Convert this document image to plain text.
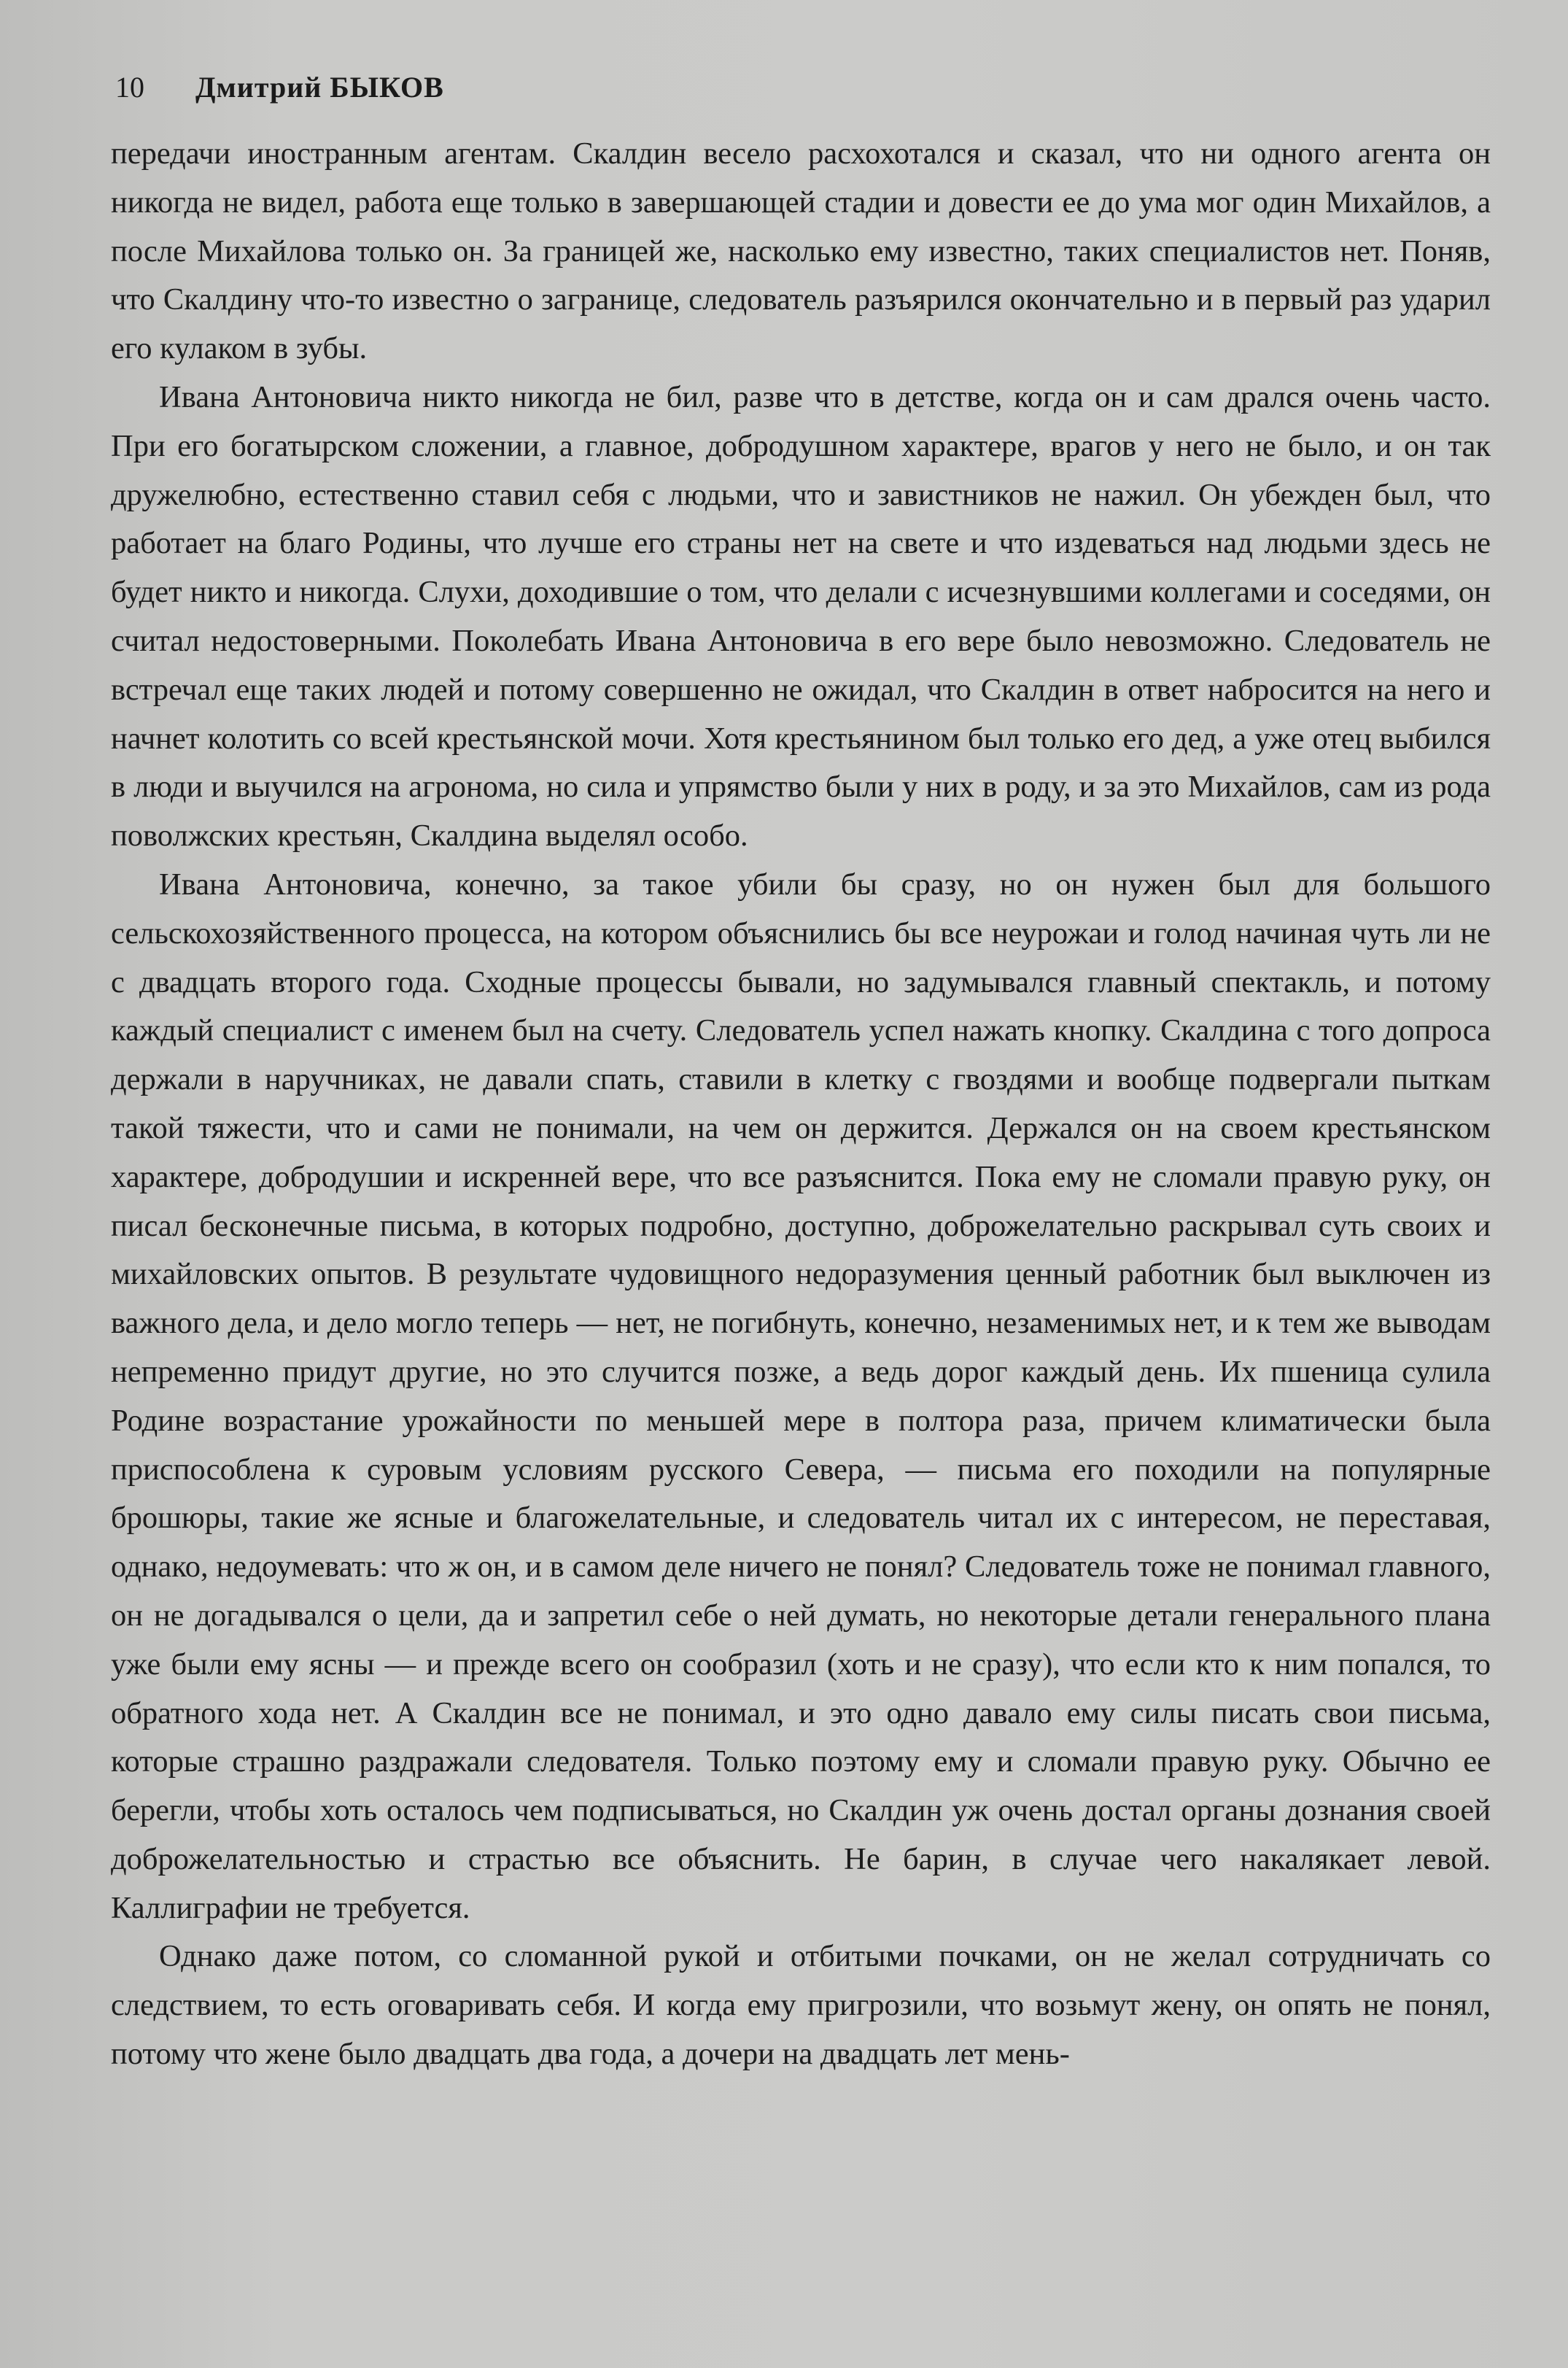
10 Дмитрий БЫКОВ

передачи иностранным агентам. Скалдин весело расхохотался и сказал, что ни одного агента он никогда не видел, работа еще только в завершающей стадии и довести ее до ума мог один Михайлов, а после Михайлова только он. За границей же, насколько ему известно, таких специалистов нет. Поняв, что Скалдину что-то известно о загранице, следователь разъярился окончательно и в первый раз ударил его кулаком в зубы.

Ивана Антоновича никто никогда не бил, разве что в детстве, когда он и сам дрался очень часто. При его богатырском сложении, а главное, добродушном характере, врагов у него не было, и он так дружелюбно, естественно ставил себя с людьми, что и завистников не нажил. Он убежден был, что работает на благо Родины, что лучше его страны нет на свете и что издеваться над людьми здесь не будет никто и никогда. Слухи, доходившие о том, что делали с исчезнувшими коллегами и соседями, он считал недостоверными. Поколебать Ивана Антоновича в его вере было невозможно. Следователь не встречал еще таких людей и потому совершенно не ожидал, что Скалдин в ответ набросится на него и начнет колотить со всей крестьянской мочи. Хотя крестьянином был только его дед, а уже отец выбился в люди и выучился на агронома, но сила и упрямство были у них в роду, и за это Михайлов, сам из рода поволжских крестьян, Скалдина выделял особо.

Ивана Антоновича, конечно, за такое убили бы сразу, но он нужен был для большого сельскохозяйственного процесса, на котором объяснились бы все неурожаи и голод начиная чуть ли не с двадцать второго года. Сходные процессы бывали, но задумывался главный спектакль, и потому каждый специалист с именем был на счету. Следователь успел нажать кнопку. Скалдина с того допроса держали в наручниках, не давали спать, ставили в клетку с гвоздями и вообще подвергали пыткам такой тяжести, что и сами не понимали, на чем он держится. Держался он на своем крестьянском характере, добродушии и искренней вере, что все разъяснится. Пока ему не сломали правую руку, он писал бесконечные письма, в которых подробно, доступно, доброжелательно раскрывал суть своих и михайловских опытов. В результате чудовищного недоразумения ценный работник был выключен из важного дела, и дело могло теперь — нет, не погибнуть, конечно, незаменимых нет, и к тем же выводам непременно придут другие, но это случится позже, а ведь дорог каждый день. Их пшеница сулила Родине возрастание урожайности по меньшей мере в полтора раза, причем климатически была приспособлена к суровым условиям русского Севера, — письма его походили на популярные брошюры, такие же ясные и благожелательные, и следователь читал их с интересом, не переставая, однако, недоумевать: что ж он, и в самом деле ничего не понял? Следователь тоже не понимал главного, он не догадывался о цели, да и запретил себе о ней думать, но некоторые детали генерального плана уже были ему ясны — и прежде всего он сообразил (хоть и не сразу), что если кто к ним попался, то обратного хода нет. А Скалдин все не понимал, и это одно давало ему силы писать свои письма, которые страшно раздражали следователя. Только поэтому ему и сломали правую руку. Обычно ее берегли, чтобы хоть осталось чем подписываться, но Скалдин уж очень достал органы дознания своей доброжелательностью и страстью все объяснить. Не барин, в случае чего накалякает левой. Каллиграфии не требуется.

Однако даже потом, со сломанной рукой и отбитыми почками, он не желал сотрудничать со следствием, то есть оговаривать себя. И когда ему пригрозили, что возьмут жену, он опять не понял, потому что жене было двадцать два года, а дочери на двадцать лет мень-
